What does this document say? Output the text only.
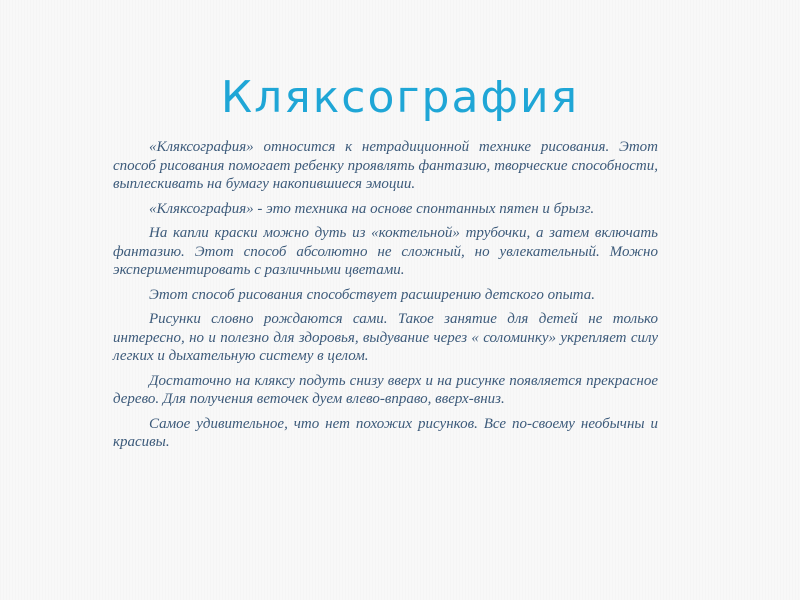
Кляксография

«Кляксография» относится к нетрадиционной технике рисования. Этот способ рисования помогает ребенку проявлять фантазию, творческие способности, выплескивать на бумагу накопившиеся эмоции.

«Кляксография» - это техника на основе спонтанных пятен и брызг.

На капли краски можно дуть из «коктельной» трубочки, а затем включать фантазию. Этот способ абсолютно не сложный, но увлекательный. Можно экспериментировать с различными цветами.

Этот способ рисования способствует расширению детского опыта.

Рисунки словно рождаются сами. Такое занятие для детей не только интересно, но и полезно для здоровья, выдувание через « соломинку» укрепляет силу легких и дыхательную систему в целом.

Достаточно на кляксу подуть снизу вверх и на рисунке появляется прекрасное дерево. Для получения веточек дуем влево-вправо, вверх-вниз.

Самое удивительное, что нет похожих рисунков. Все по-своему необычны и красивы.
